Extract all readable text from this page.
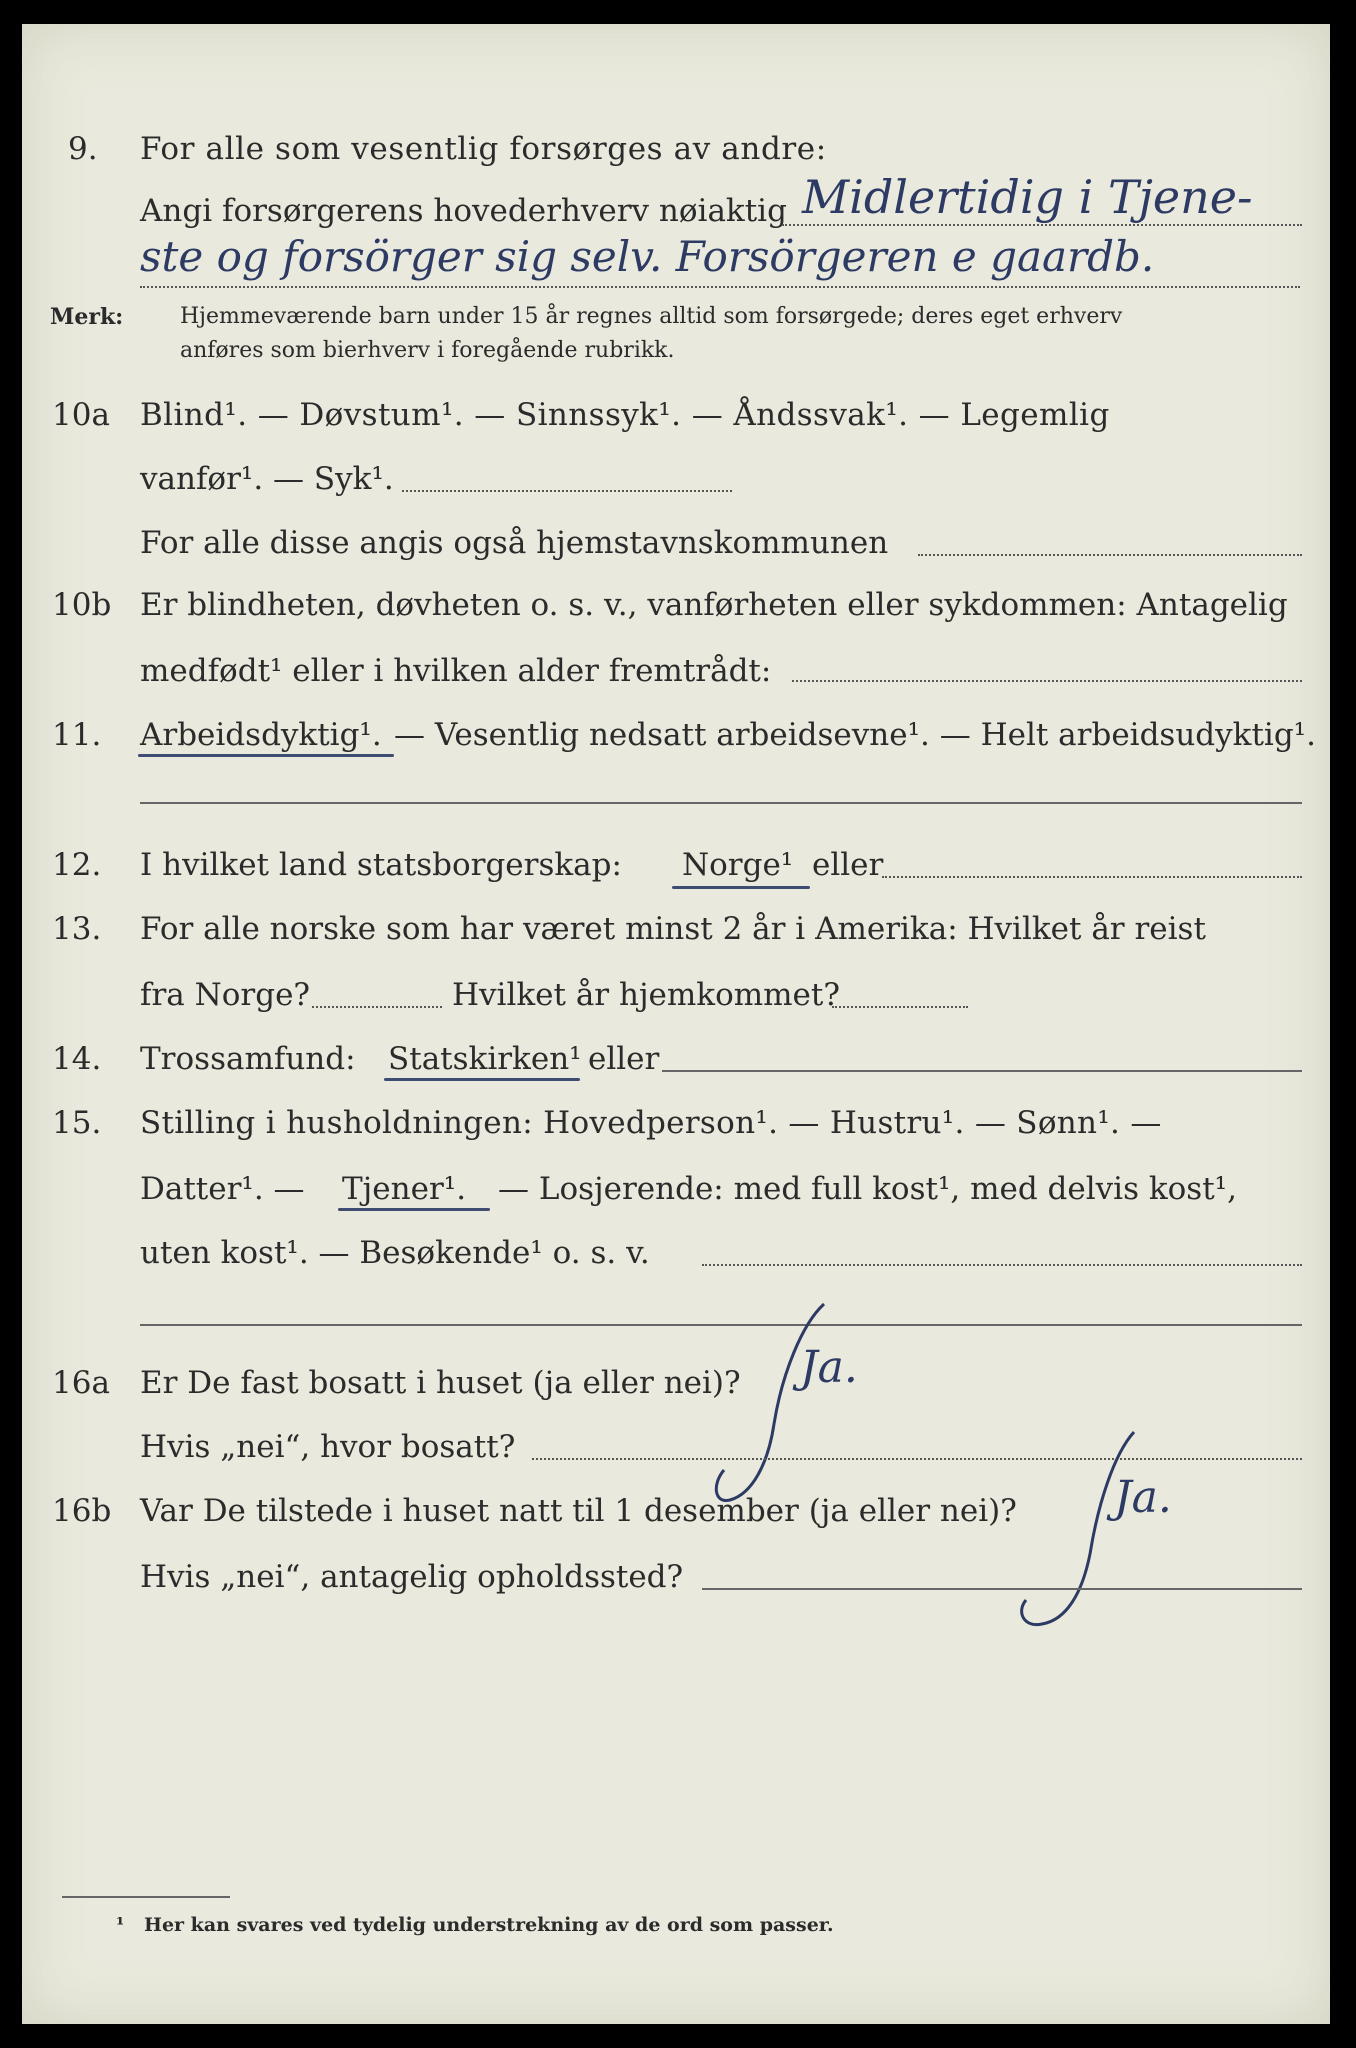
9. For alle som vesentlig forsørges av andre:
Angi forsørgerens hovederhverv nøiaktig Midlertidig i Tjene-
ste og forsörger sig selv. Forsörgeren e gaardb.
Merk:	Hjemmeværende barn under 15 år regnes alltid som forsørgede; deres eget erhverv
anføres som bierhverv i foregående rubrikk.
10a Blind¹. — Døvstum¹. — Sinnssyk¹. — Åndssvak¹. — Legemlig
vanfør¹. — Syk¹.
For alle disse angis også hjemstavnskommunen
10b Er blindheten, døvheten o. s. v., vanførheten eller sykdommen: Antagelig
medfødt¹ eller i hvilken alder fremtrådt:
11. Arbeidsdyktig¹. — Vesentlig nedsatt arbeidsevne¹. — Helt arbeidsudyktig¹.
12. I hvilket land statsborgerskap: Norge¹ eller
13. For alle norske som har været minst 2 år i Amerika: Hvilket år reist
fra Norge?	Hvilket år hjemkommet?
14. Trossamfund: Statskirken¹ eller
15. Stilling i husholdningen: Hovedperson¹. — Hustru¹. — Sønn¹. —
Datter¹. — Tjener¹. — Losjerende: med full kost¹, med delvis kost¹,
uten kost¹. — Besøkende¹ o. s. v.
16a Er De fast bosatt i huset (ja eller nei)? Ja.
Hvis „nei“, hvor bosatt?
16b Var De tilstede i huset natt til 1 desember (ja eller nei)? Ja.
Hvis „nei“, antagelig opholdssted?
¹ Her kan svares ved tydelig understrekning av de ord som passer.
